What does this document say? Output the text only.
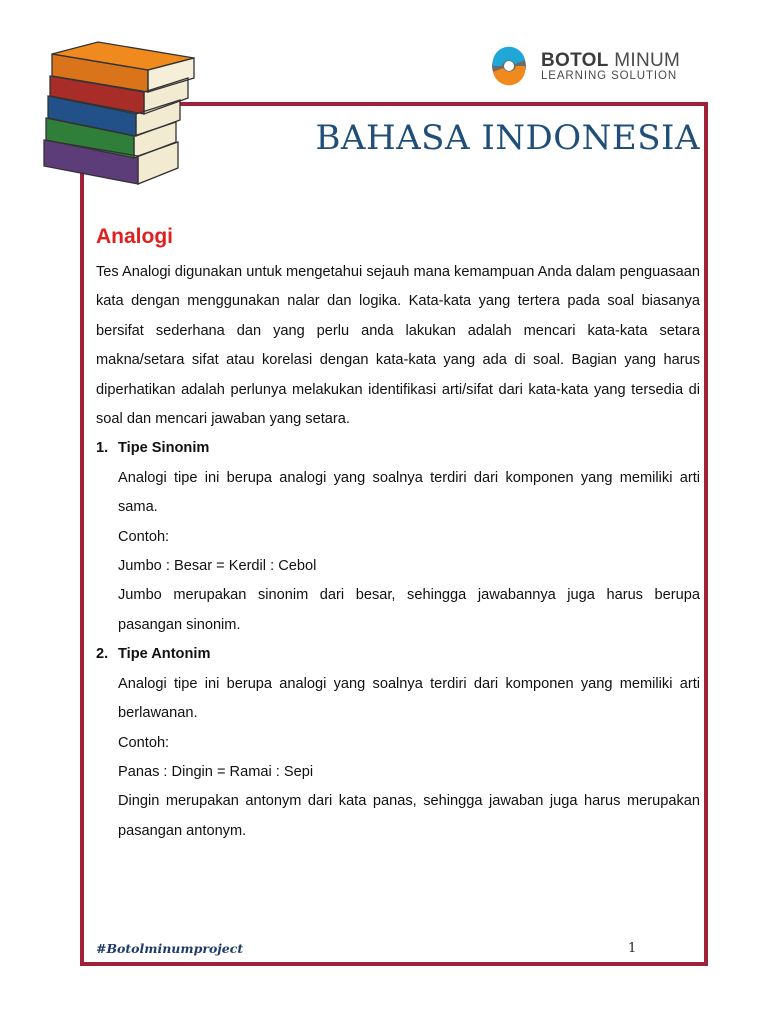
BOTOL MINUM
LEARNING SOLUTION
BAHASA INDONESIA
Analogi

Tes Analogi digunakan untuk mengetahui sejauh mana kemampuan Anda dalam penguasaan kata dengan menggunakan nalar dan logika. Kata-kata yang tertera pada soal biasanya bersifat sederhana dan yang perlu anda lakukan adalah mencari kata-kata setara makna/setara sifat atau korelasi dengan kata-kata yang ada di soal. Bagian yang harus diperhatikan adalah perlunya melakukan identifikasi arti/sifat dari kata-kata yang tersedia di soal dan mencari jawaban yang setara.

1. Tipe Sinonim
Analogi tipe ini berupa analogi yang soalnya terdiri dari komponen yang memiliki arti sama.
Contoh:
Jumbo : Besar = Kerdil : Cebol
Jumbo merupakan sinonim dari besar, sehingga jawabannya juga harus berupa pasangan sinonim.
2. Tipe Antonim
Analogi tipe ini berupa analogi yang soalnya terdiri dari komponen yang memiliki arti berlawanan.
Contoh:
Panas : Dingin = Ramai : Sepi
Dingin merupakan antonym dari kata panas, sehingga jawaban juga harus merupakan pasangan antonym.
#Botolminumproject	1
